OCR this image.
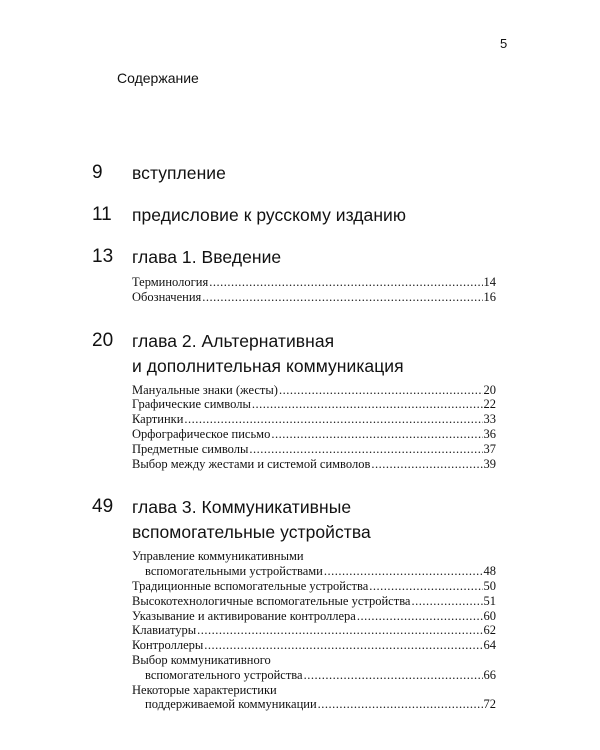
5
Содержание
9 вступление
11 предисловие к русскому изданию
13 глава 1. Введение
Терминология .....	14
Обозначения .....	16
20 глава 2. Альтернативная
и дополнительная коммуникация
Мануальные знаки (жесты) .....	20
Графические символы .....	22
Картинки .....	33
Орфографическое письмо .....	36
Предметные символы .....	37
Выбор между жестами и системой символов .....	39
49 глава 3. Коммуникативные
вспомогательные устройства
Управление коммуникативными
вспомогательными устройствами .....	48
Традиционные вспомогательные устройства .....	50
Высокотехнологичные вспомогательные устройства .....	51
Указывание и активирование контроллера .....	60
Клавиатуры .....	62
Контроллеры .....	64
Выбор коммуникативного
вспомогательного устройства .....	66
Некоторые характеристики
поддерживаемой коммуникации .....	72
